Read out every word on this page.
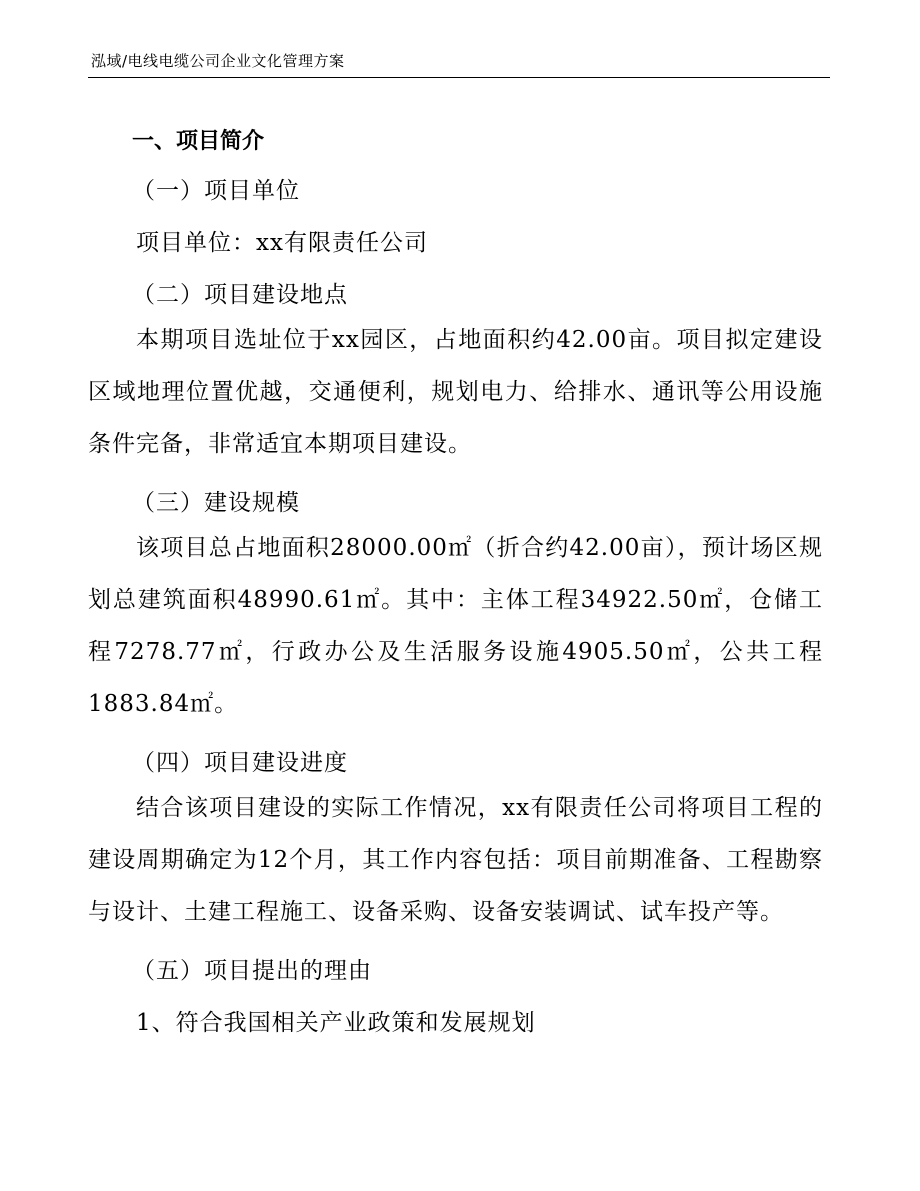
泓域/电线电缆公司企业文化管理方案
一、项目简介
（一）项目单位
项目单位：xx有限责任公司
（二）项目建设地点
本期项目选址位于xx园区，占地面积约42.00亩。项目拟定建设区域地理位置优越，交通便利，规划电力、给排水、通讯等公用设施条件完备，非常适宜本期项目建设。
（三）建设规模
该项目总占地面积28000.00㎡（折合约42.00亩），预计场区规划总建筑面积48990.61㎡。其中：主体工程34922.50㎡，仓储工程7278.77㎡，行政办公及生活服务设施4905.50㎡，公共工程1883.84㎡。
（四）项目建设进度
结合该项目建设的实际工作情况，xx有限责任公司将项目工程的建设周期确定为12个月，其工作内容包括：项目前期准备、工程勘察与设计、土建工程施工、设备采购、设备安装调试、试车投产等。
（五）项目提出的理由
1、符合我国相关产业政策和发展规划
